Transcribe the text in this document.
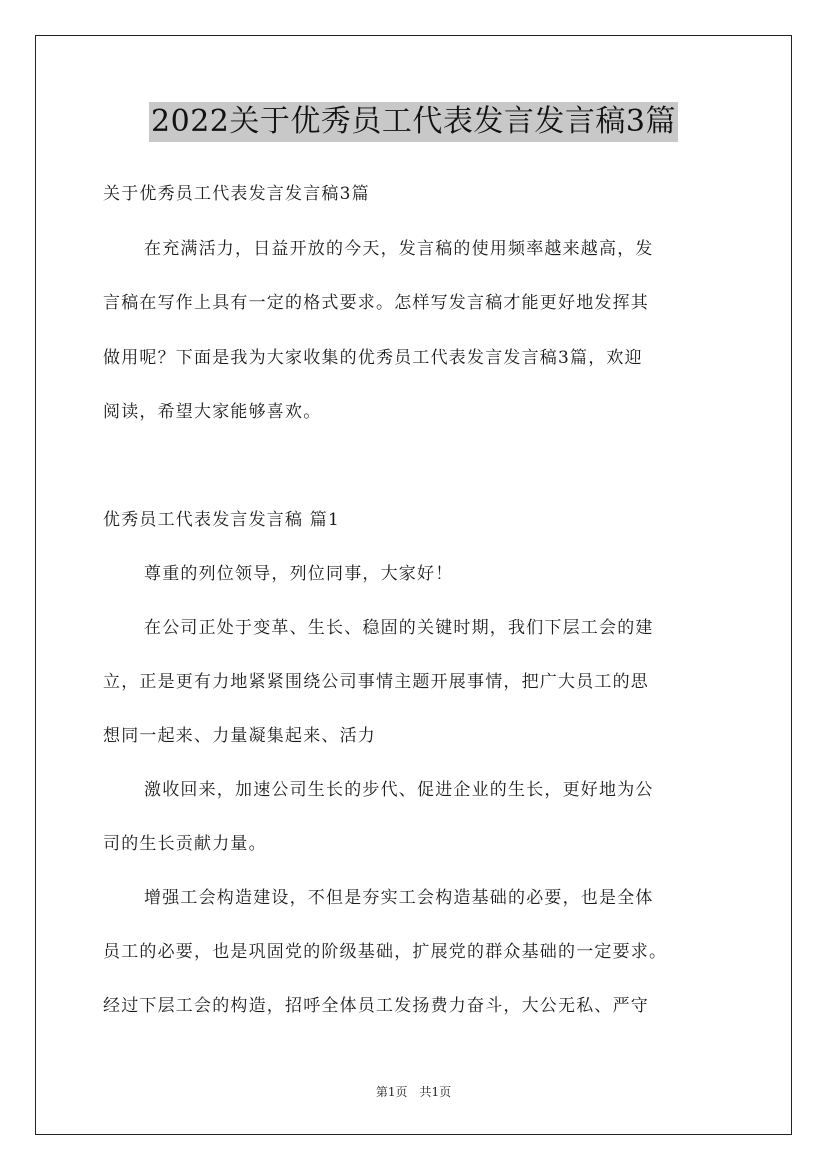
2022关于优秀员工代表发言发言稿3篇
关于优秀员工代表发言发言稿3篇
在充满活力，日益开放的今天，发言稿的使用频率越来越高，发
言稿在写作上具有一定的格式要求。怎样写发言稿才能更好地发挥其
做用呢？下面是我为大家收集的优秀员工代表发言发言稿3篇，欢迎
阅读，希望大家能够喜欢。
优秀员工代表发言发言稿 篇1
尊重的列位领导，列位同事，大家好！
在公司正处于变革、生长、稳固的关键时期，我们下层工会的建
立，正是更有力地紧紧围绕公司事情主题开展事情，把广大员工的思
想同一起来、力量凝集起来、活力
激收回来，加速公司生长的步代、促进企业的生长，更好地为公
司的生长贡献力量。
增强工会构造建设，不但是夯实工会构造基础的必要，也是全体
员工的必要，也是巩固党的阶级基础，扩展党的群众基础的一定要求。
经过下层工会的构造，招呼全体员工发扬费力奋斗，大公无私、严守
第1页　共1页
